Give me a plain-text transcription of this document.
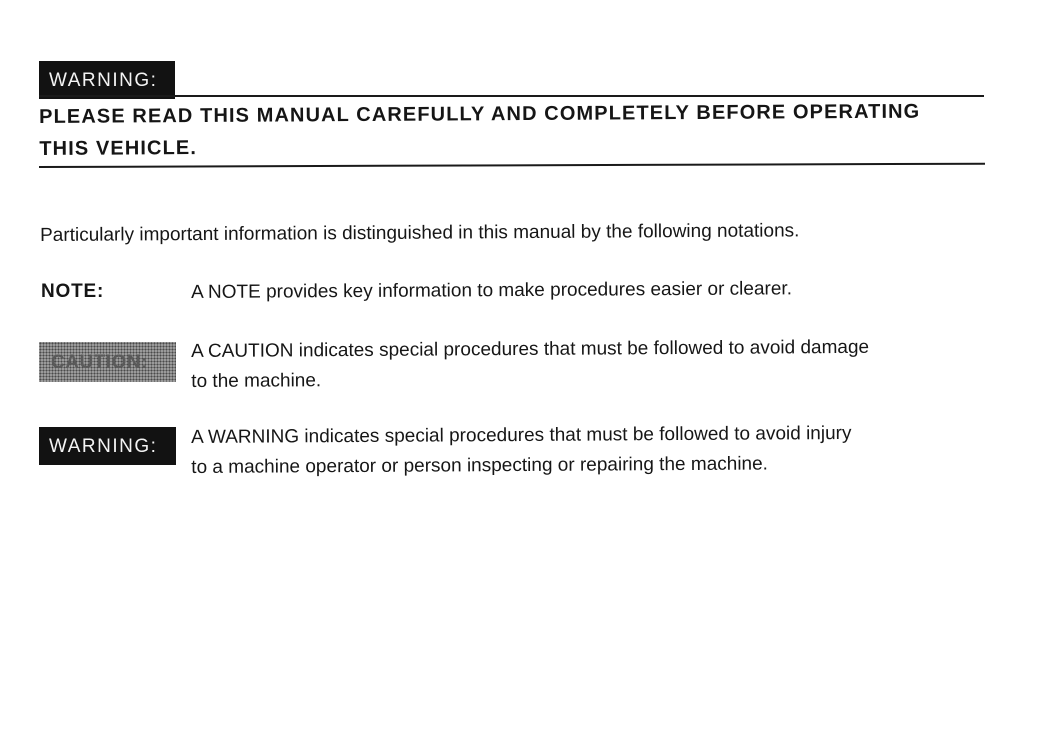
WARNING:
PLEASE READ THIS MANUAL CAREFULLY AND COMPLETELY BEFORE OPERATING
THIS VEHICLE.
Particularly important information is distinguished in this manual by the following notations.
NOTE:	A NOTE provides key information to make procedures easier or clearer.
CAUTION:
A CAUTION indicates special procedures that must be followed to avoid damage
to the machine.
WARNING:	A WARNING indicates special procedures that must be followed to avoid injury
to a machine operator or person inspecting or repairing the machine.
